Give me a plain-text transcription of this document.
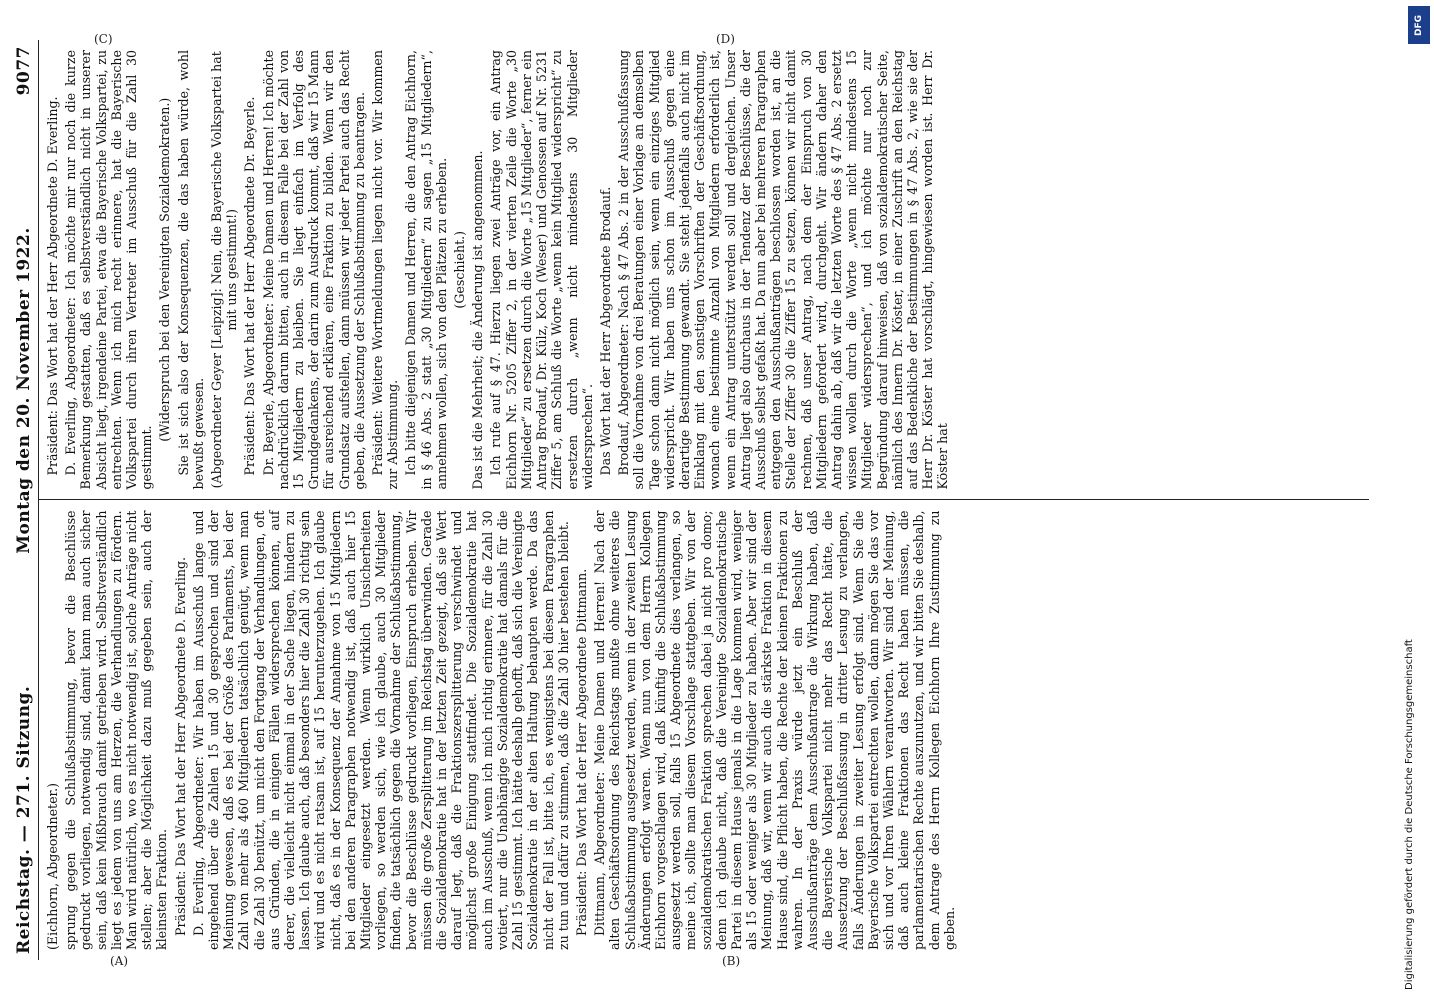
Reichstag. — 271. Sitzung.
Montag den 20. November 1922.
9077

(Eichhorn, Abgeordneter.) sprung gegen die Schlußabstimmung, bevor die Beschlüsse gedruckt vorliegen, notwendig sind, damit kann man auch sicher sein, daß kein Mißbrauch damit getrieben wird. Selbstverständlich liegt es jedem von uns am Herzen, die Verhandlungen zu fördern. Man wird natürlich, wo es nicht notwendig ist, solche Anträge nicht stellen; aber die Möglichkeit dazu muß gegeben sein, auch der kleinsten Fraktion. Präsident: Das Wort hat der Herr Abgeordnete D. Everling. D. Everling, Abgeordneter: Wir haben im Ausschuß lange und eingehend über die Zahlen 15 und 30 gesprochen und sind der Meinung gewesen, daß es bei der Größe des Parlaments, bei der Zahl von mehr als 460 Mitgliedern tatsächlich genügt, wenn man die Zahl 30 benützt, um nicht den Fortgang der Verhandlungen, oft aus Gründen, die in einigen Fällen widersprechen können, auf derer, die vielleicht nicht einmal in der Sache liegen, hindern zu lassen. Ich glaube auch, daß besonders hier die Zahl 30 richtig sein wird und es nicht ratsam ist, auf 15 herunterzugehen. Ich glaube nicht, daß es in der Konsequenz der Annahme von 15 Mitgliedern bei den anderen Paragraphen notwendig ist, daß auch hier 15 Mitglieder eingesetzt werden. Wenn wirklich Unsicherheiten vorliegen, so werden sich, wie ich glaube, auch 30 Mitglieder finden, die tatsächlich gegen die Vornahme der Schlußabstimmung, bevor die Beschlüsse gedruckt vorliegen, Einspruch erheben. Wir müssen die große Zersplitterung im Reichstag überwinden. Gerade die Sozialdemokratie hat in der letzten Zeit gezeigt, daß sie Wert darauf legt, daß die Fraktionszersplitterung verschwindet und möglichst große Einigung stattfindet. Die Sozialdemokratie hat auch im Ausschuß, wenn ich mich richtig erinnere, für die Zahl 30 votiert, nur die Unabhängige Sozialdemokratie hat damals für die Zahl 15 gestimmt. Ich hätte deshalb gehofft, daß sich die Vereinigte Sozialdemokratie in der alten Haltung behaupten werde. Da das nicht der Fall ist, bitte ich, es wenigstens bei diesem Paragraphen zu tun und dafür zu stimmen, daß die Zahl 30 hier bestehen bleibt. Präsident: Das Wort hat der Herr Abgeordnete Dittmann. Dittmann, Abgeordneter: Meine Damen und Herren! Nach der alten Geschäftsordnung des Reichstags mußte ohne weiteres die Schlußabstimmung ausgesetzt werden, wenn in der zweiten Lesung Änderungen erfolgt waren. Wenn nun von dem Herrn Kollegen Eichhorn vorgeschlagen wird, daß künftig die Schlußabstimmung ausgesetzt werden soll, falls 15 Abgeordnete dies verlangen, so meine ich, sollte man diesem Vorschlage stattgeben. Wir von der sozialdemokratischen Fraktion sprechen dabei ja nicht pro domo; denn ich glaube nicht, daß die Vereinigte Sozialdemokratische Partei in diesem Hause jemals in die Lage kommen wird, weniger als 15 oder weniger als 30 Mitglieder zu haben. Aber wir sind der Meinung, daß wir, wenn wir auch die stärkste Fraktion in diesem Hause sind, die Pflicht haben, die Rechte der kleinen Fraktionen zu wahren. In der Praxis würde jetzt ein Beschluß der Ausschußanträge dem Ausschußantrage die Wirkung haben, daß die Bayerische Volkspartei nicht mehr das Recht hätte, die Aussetzung der Beschlußfassung in dritter Lesung zu verlangen, falls Änderungen in zweiter Lesung erfolgt sind. Wenn Sie die Bayerische Volkspartei entrechten wollen, dann mögen Sie das vor sich und vor Ihren Wählern verantworten. Wir sind der Meinung, daß auch kleine Fraktionen das Recht haben müssen, die parlamentarischen Rechte auszunutzen, und wir bitten Sie deshalb, dem Antrage des Herrn Kollegen Eichhorn Ihre Zustimmung zu geben.

Präsident: Das Wort hat der Herr Abgeordnete D. Everling. D. Everling, Abgeordneter: Ich möchte mir nur noch die kurze Bemerkung gestatten, daß es selbstverständlich nicht in unserer Absicht liegt, irgendeine Partei, etwa die Bayerische Volkspartei, zu entrechten. Wenn ich mich recht erinnere, hat die Bayerische Volkspartei durch ihren Vertreter im Ausschuß für die Zahl 30 gestimmt.

(Widerspruch bei den Vereinigten Sozialdemokraten.) Sie ist sich also der Konsequenzen, die das haben würde, wohl bewußt gewesen. (Abgeordneter Geyer [Leipzig]: Nein, die Bayerische Volkspartei hat mit uns gestimmt!) Präsident: Das Wort hat der Herr Abgeordnete Dr. Beyerle. Dr. Beyerle, Abgeordneter: Meine Damen und Herren! Ich möchte nachdrücklich darum bitten, auch in diesem Falle bei der Zahl von 15 Mitgliedern zu bleiben. Sie liegt einfach im Verfolg des Grundgedankens, der darin zum Ausdruck kommt, daß wir 15 Mann für ausreichend erklären, eine Fraktion zu bilden. Wenn wir den Grundsatz aufstellen, dann müssen wir jeder Partei auch das Recht geben, die Aussetzung der Schlußabstimmung zu beantragen. Präsident: Weitere Wortmeldungen liegen nicht vor. Wir kommen zur Abstimmung. Ich bitte diejenigen Damen und Herren, die den Antrag Eichhorn, in § 46 Abs. 2 statt „30 Mitgliedern“ zu sagen „15 Mitgliedern“, annehmen wollen, sich von den Plätzen zu erheben. (Geschieht.) Das ist die Mehrheit; die Änderung ist angenommen. Ich rufe auf § 47. Hierzu liegen zwei Anträge vor, ein Antrag Eichhorn Nr. 5205 Ziffer 2, in der vierten Zeile die Worte „30 Mitglieder“ zu ersetzen durch die Worte „15 Mitglieder“, ferner ein Antrag Brodauf, Dr. Külz, Koch (Weser) und Genossen auf Nr. 5231 Ziffer 5, am Schluß die Worte „wenn kein Mitglied widerspricht“ zu ersetzen durch „wenn nicht mindestens 30 Mitglieder widersprechen“. Das Wort hat der Herr Abgeordnete Brodauf. Brodauf, Abgeordneter: Nach § 47 Abs. 2 in der Ausschußfassung soll die Vornahme von drei Beratungen einer Vorlage an demselben Tage schon dann nicht möglich sein, wenn ein einziges Mitglied widerspricht. Wir haben uns schon im Ausschuß gegen eine derartige Bestimmung gewandt. Sie steht jedenfalls auch nicht im Einklang mit den sonstigen Vorschriften der Geschäftsordnung, wonach eine bestimmte Anzahl von Mitgliedern erforderlich ist, wenn ein Antrag unterstützt werden soll und dergleichen. Unser Antrag liegt also durchaus in der Tendenz der Beschlüsse, die der Ausschuß selbst gefaßt hat. Da nun aber bei mehreren Paragraphen entgegen den Ausschußanträgen beschlossen worden ist, an die Stelle der Ziffer 30 die Ziffer 15 zu setzen, können wir nicht damit rechnen, daß unser Antrag, nach dem der Einspruch von 30 Mitgliedern gefordert wird, durchgeht. Wir ändern daher den Antrag dahin ab, daß wir die letzten Worte des § 47 Abs. 2 ersetzt wissen wollen durch die Worte „wenn nicht mindestens 15 Mitglieder widersprechen“, und ich möchte nur noch zur Begründung darauf hinweisen, daß von sozialdemokratischer Seite, nämlich des Innern Dr. Köster, in einer Zuschrift an den Reichstag auf das Bedenkliche der Bestimmungen in § 47 Abs. 2, wie sie der Herr Dr. Köster hat vorschlägt, hingewiesen worden ist. Herr Dr. Köster hat

(A)	(B)
(C)	(D)
DFG
Digitalisierung gefördert durch die Deutsche Forschungsgemeinschaft
